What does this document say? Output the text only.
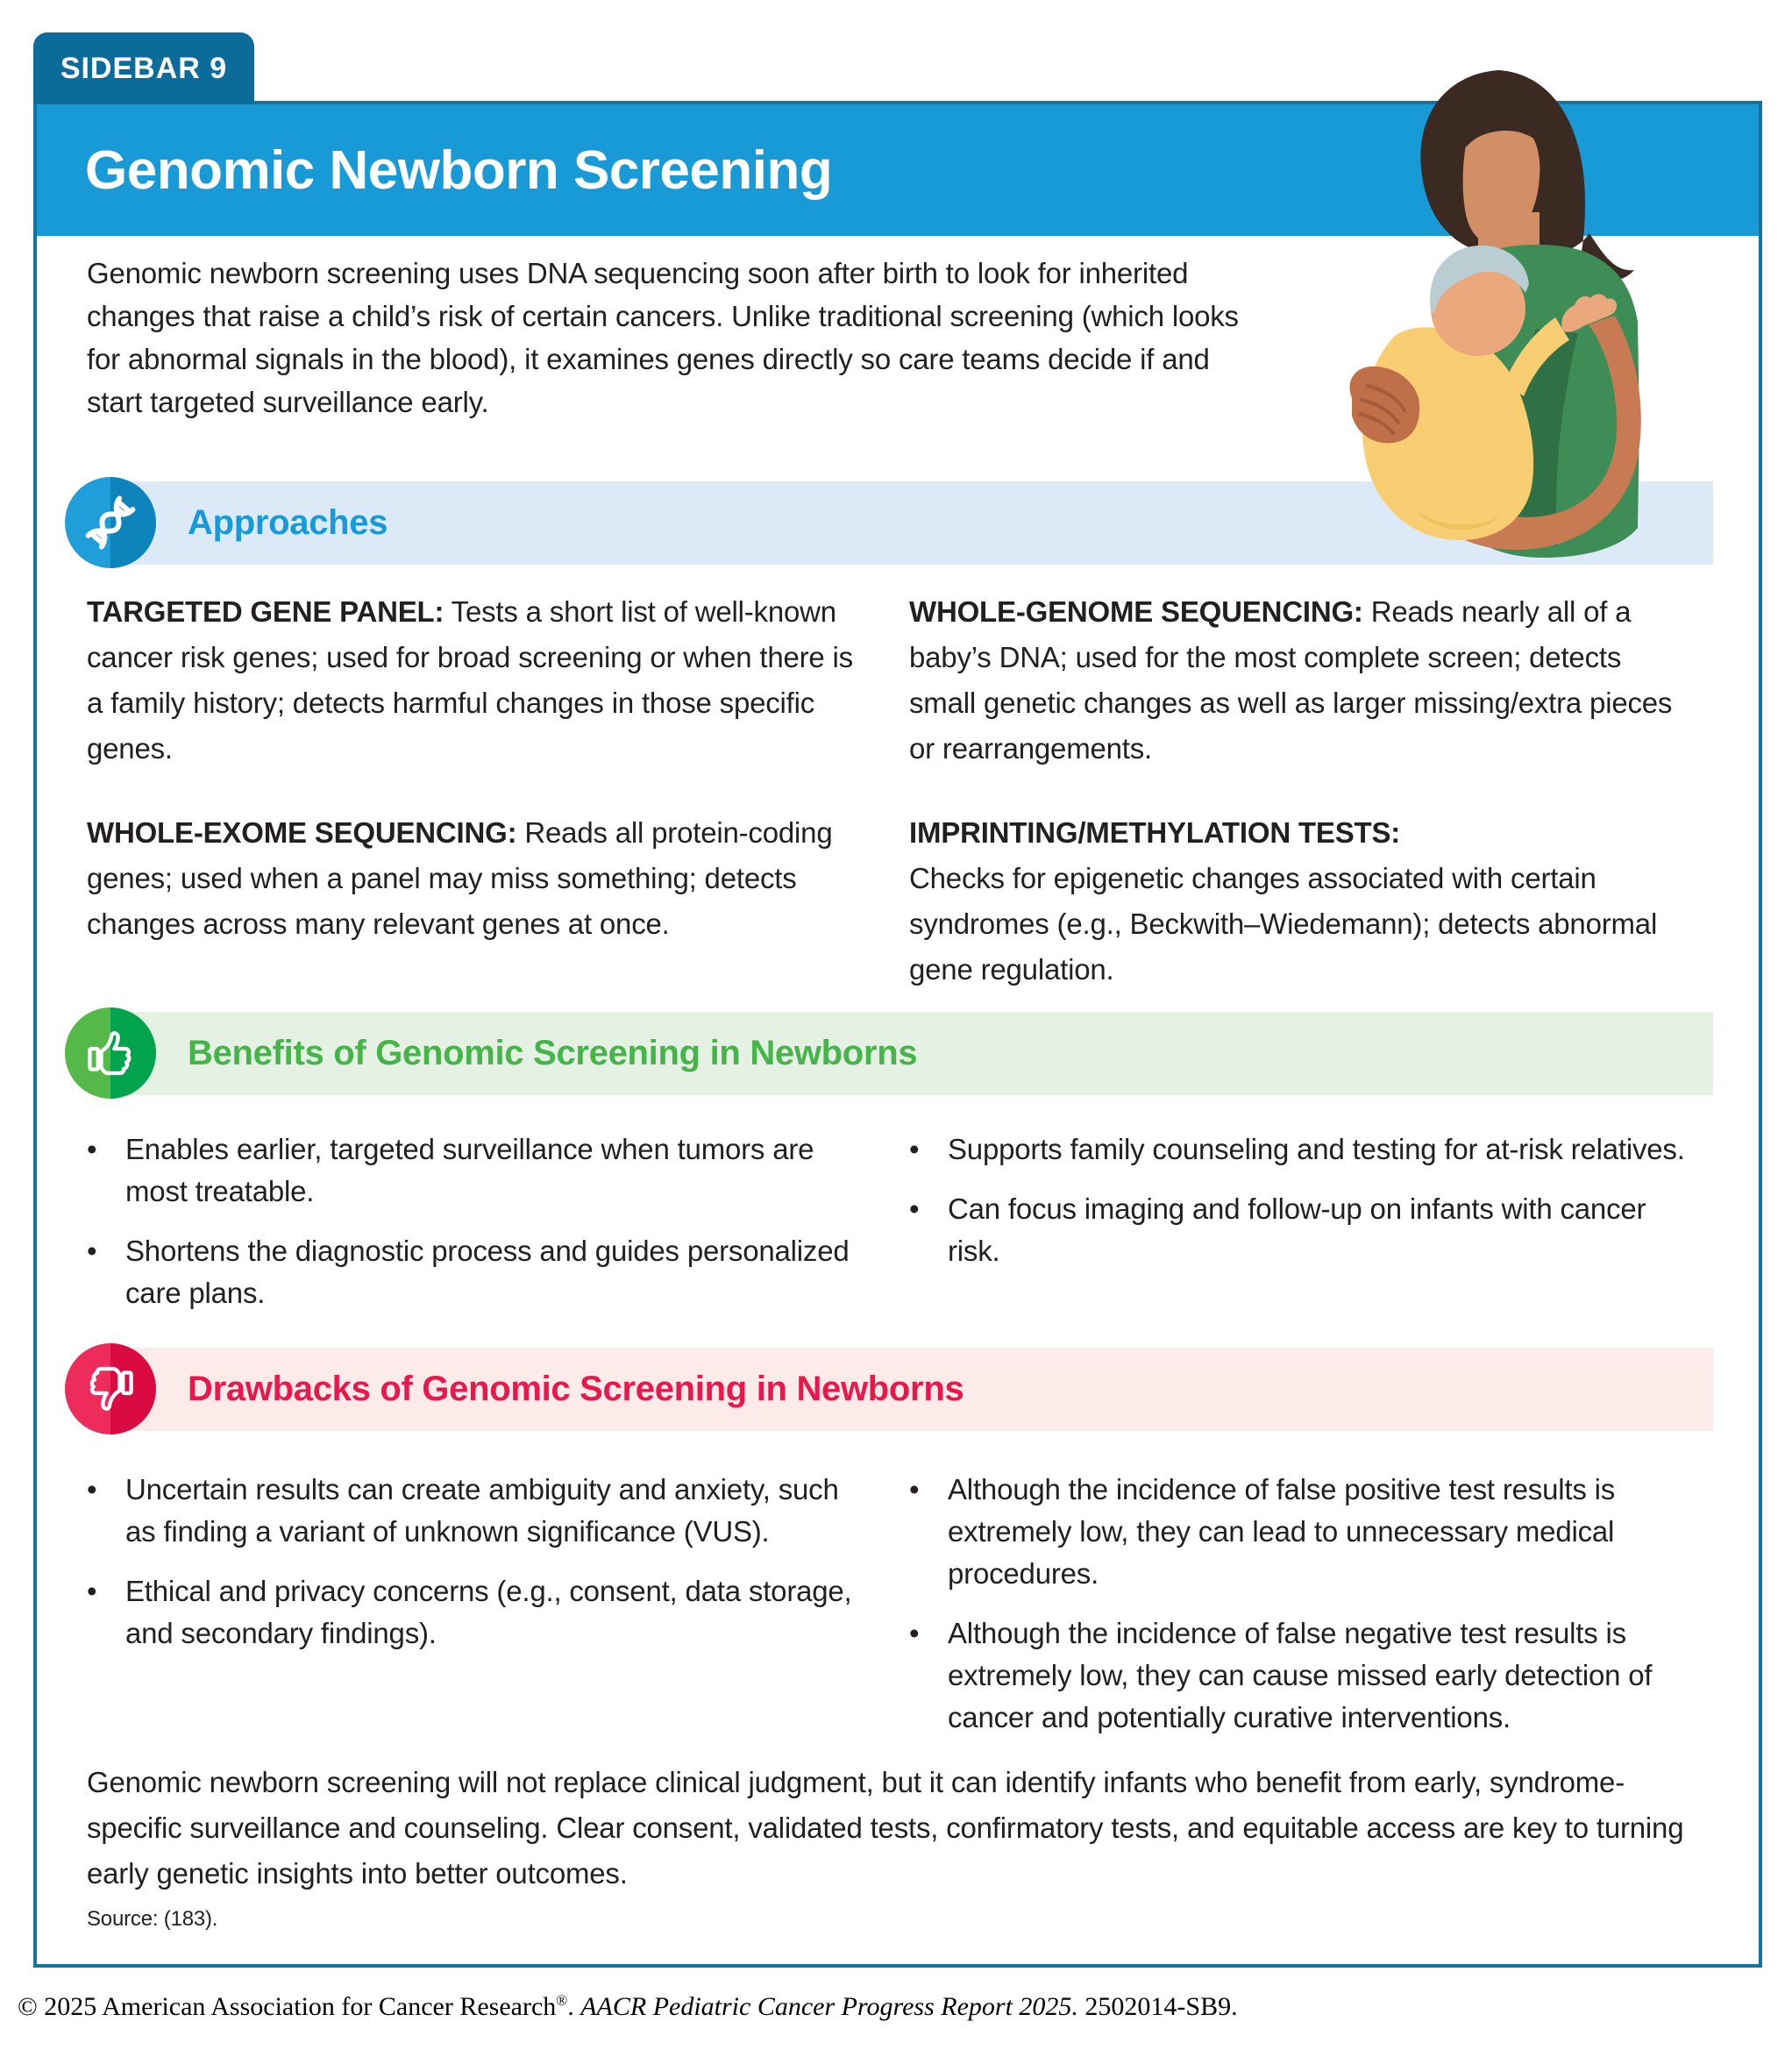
SIDEBAR 9
Genomic Newborn Screening

Genomic newborn screening uses DNA sequencing soon after birth to look for inherited changes that raise a child’s risk of certain cancers. Unlike traditional screening (which looks for abnormal signals in the blood), it examines genes directly so care teams decide if and start targeted surveillance early.

Approaches

TARGETED GENE PANEL: Tests a short list of well-known cancer risk genes; used for broad screening or when there is a family history; detects harmful changes in those specific genes.

WHOLE-EXOME SEQUENCING: Reads all protein-coding genes; used when a panel may miss something; detects changes across many relevant genes at once.

WHOLE-GENOME SEQUENCING: Reads nearly all of a baby’s DNA; used for the most complete screen; detects small genetic changes as well as larger missing/extra pieces or rearrangements.

IMPRINTING/METHYLATION TESTS:
Checks for epigenetic changes associated with certain syndromes (e.g., Beckwith–Wiedemann); detects abnormal gene regulation.

Benefits of Genomic Screening in Newborns
• Enables earlier, targeted surveillance when tumors are most treatable.
• Shortens the diagnostic process and guides personalized care plans.
• Supports family counseling and testing for at-risk relatives.
• Can focus imaging and follow-up on infants with cancer risk.
Drawbacks of Genomic Screening in Newborns
• Uncertain results can create ambiguity and anxiety, such as finding a variant of unknown significance (VUS).
• Ethical and privacy concerns (e.g., consent, data storage, and secondary findings).
• Although the incidence of false positive test results is extremely low, they can lead to unnecessary medical procedures.
• Although the incidence of false negative test results is extremely low, they can cause missed early detection of cancer and potentially curative interventions.

Genomic newborn screening will not replace clinical judgment, but it can identify infants who benefit from early, syndrome-specific surveillance and counseling. Clear consent, validated tests, confirmatory tests, and equitable access are key to turning early genetic insights into better outcomes.

Source: (183).

© 2025 American Association for Cancer Research®. AACR Pediatric Cancer Progress Report 2025. 2502014-SB9.
